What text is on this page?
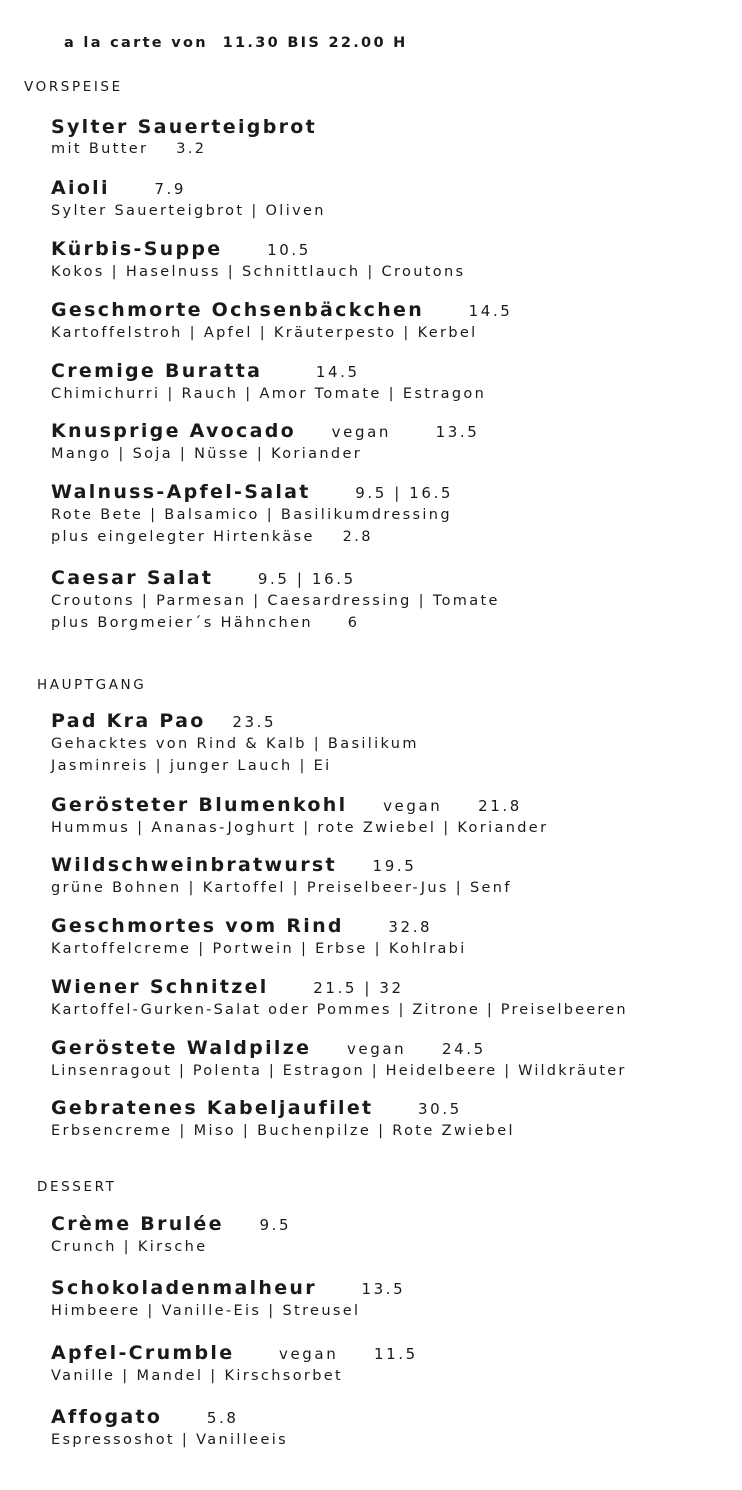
a la carte von  11.30 BIS 22.00 H
VORSPEISE
Sylter Sauerteigbrot
mit Butter 3.2
Aioli	7.9
Sylter Sauerteigbrot | Oliven
Kürbis-Suppe	10.5
Kokos | Haselnuss | Schnittlauch | Croutons
Geschmorte Ochsenbäckchen	14.5
Kartoffelstroh | Apfel | Kräuterpesto | Kerbel
Cremige Buratta	14.5
Chimichurri | Rauch | Amor Tomate | Estragon
Knusprige Avocado vegan	13.5
Mango | Soja | Nüsse | Koriander
Walnuss-Apfel-Salat	9.5 | 16.5
Rote Bete | Balsamico | Basilikumdressing
plus eingelegter Hirtenkäse 2.8
Caesar Salat	9.5 | 16.5
Croutons | Parmesan | Caesardressing | Tomate
plus Borgmeier´s Hähnchen 6
HAUPTGANG
Pad Kra Pao 23.5
Gehacktes von Rind & Kalb | Basilikum
Jasminreis | junger Lauch | Ei
Gerösteter Blumenkohl vegan 21.8
Hummus | Ananas-Joghurt | rote Zwiebel | Koriander
Wildschweinbratwurst 19.5
grüne Bohnen | Kartoffel | Preiselbeer-Jus | Senf
Geschmortes vom Rind	32.8
Kartoffelcreme | Portwein | Erbse | Kohlrabi
Wiener Schnitzel	21.5 | 32
Kartoffel-Gurken-Salat oder Pommes | Zitrone | Preiselbeeren
Geröstete Waldpilze vegan 24.5
Linsenragout | Polenta | Estragon | Heidelbeere | Wildkräuter
Gebratenes Kabeljaufilet	30.5
Erbsencreme | Miso | Buchenpilze | Rote Zwiebel
DESSERT
Crème Brulée 9.5
Crunch | Kirsche
Schokoladenmalheur	13.5
Himbeere | Vanille-Eis | Streusel
Apfel-Crumble	vegan 11.5
Vanille | Mandel | Kirschsorbet
Affogato	5.8
Espressoshot | Vanilleeis
